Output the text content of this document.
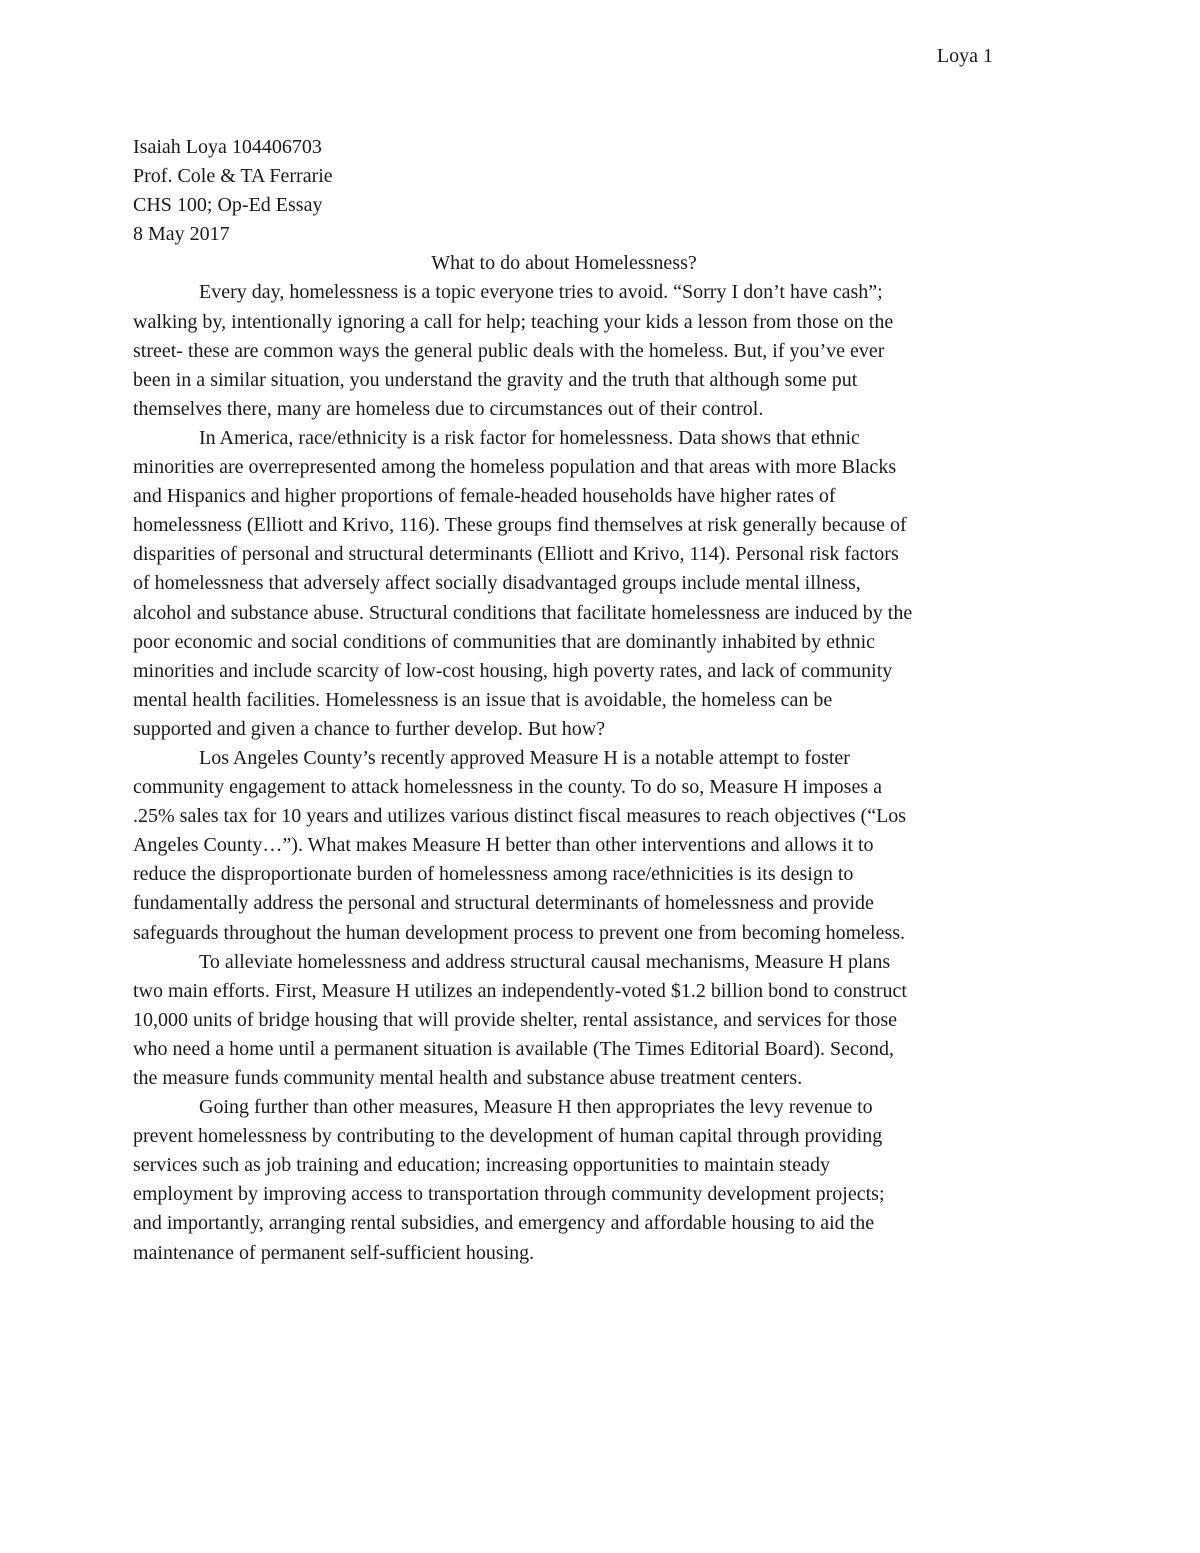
Loya 1

Isaiah Loya 104406703

Prof. Cole & TA Ferrarie

CHS 100; Op-Ed Essay

8 May 2017

What to do about Homelessness?

Every day, homelessness is a topic everyone tries to avoid. “Sorry I don’t have cash”;
walking by, intentionally ignoring a call for help; teaching your kids a lesson from those on the
street- these are common ways the general public deals with the homeless. But, if you’ve ever
been in a similar situation, you understand the gravity and the truth that although some put
themselves there, many are homeless due to circumstances out of their control.

In America, race/ethnicity is a risk factor for homelessness. Data shows that ethnic
minorities are overrepresented among the homeless population and that areas with more Blacks
and Hispanics and higher proportions of female-headed households have higher rates of
homelessness (Elliott and Krivo, 116). These groups find themselves at risk generally because of
disparities of personal and structural determinants (Elliott and Krivo, 114). Personal risk factors
of homelessness that adversely affect socially disadvantaged groups include mental illness,
alcohol and substance abuse. Structural conditions that facilitate homelessness are induced by the
poor economic and social conditions of communities that are dominantly inhabited by ethnic
minorities and include scarcity of low-cost housing, high poverty rates, and lack of community
mental health facilities. Homelessness is an issue that is avoidable, the homeless can be
supported and given a chance to further develop. But how?

Los Angeles County’s recently approved Measure H is a notable attempt to foster
community engagement to attack homelessness in the county. To do so, Measure H imposes a
.25% sales tax for 10 years and utilizes various distinct fiscal measures to reach objectives (“Los
Angeles County…”). What makes Measure H better than other interventions and allows it to
reduce the disproportionate burden of homelessness among race/ethnicities is its design to
fundamentally address the personal and structural determinants of homelessness and provide
safeguards throughout the human development process to prevent one from becoming homeless.

To alleviate homelessness and address structural causal mechanisms, Measure H plans
two main efforts. First, Measure H utilizes an independently-voted $1.2 billion bond to construct
10,000 units of bridge housing that will provide shelter, rental assistance, and services for those
who need a home until a permanent situation is available (The Times Editorial Board). Second,
the measure funds community mental health and substance abuse treatment centers.

Going further than other measures, Measure H then appropriates the levy revenue to
prevent homelessness by contributing to the development of human capital through providing
services such as job training and education; increasing opportunities to maintain steady
employment by improving access to transportation through community development projects;
and importantly, arranging rental subsidies, and emergency and affordable housing to aid the
maintenance of permanent self-sufficient housing.
